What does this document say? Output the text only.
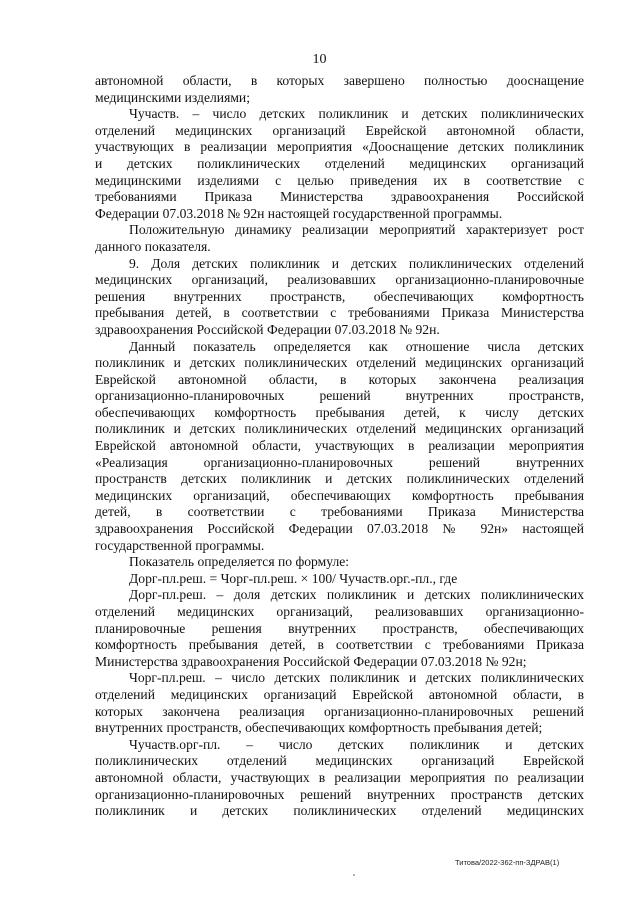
10
автономной области, в которых завершено полностью дооснащение
медицинскими изделиями;
Чучаств. – число детских поликлиник и детских поликлинических
отделений медицинских организаций Еврейской автономной области,
участвующих в реализации мероприятия «Дооснащение детских поликлиник
и детских поликлинических отделений медицинских организаций
медицинскими изделиями с целью приведения их в соответствие с
требованиями Приказа Министерства здравоохранения Российской
Федерации 07.03.2018 № 92н настоящей государственной программы.
Положительную динамику реализации мероприятий характеризует рост
данного показателя.
9. Доля детских поликлиник и детских поликлинических отделений
медицинских организаций, реализовавших организационно-планировочные
решения внутренних пространств, обеспечивающих комфортность
пребывания детей, в соответствии с требованиями Приказа Министерства
здравоохранения Российской Федерации 07.03.2018 № 92н.
Данный показатель определяется как отношение числа детских
поликлиник и детских поликлинических отделений медицинских организаций
Еврейской автономной области, в которых закончена реализация
организационно-планировочных решений внутренних пространств,
обеспечивающих комфортность пребывания детей, к числу детских
поликлиник и детских поликлинических отделений медицинских организаций
Еврейской автономной области, участвующих в реализации мероприятия
«Реализация организационно-планировочных решений внутренних
пространств детских поликлиник и детских поликлинических отделений
медицинских организаций, обеспечивающих комфортность пребывания
детей, в соответствии с требованиями Приказа Министерства
здравоохранения Российской Федерации 07.03.2018 № 92н» настоящей
государственной программы.
Показатель определяется по формуле:
Доpг-пл.реш. = Чоpг-пл.реш. × 100/ Чучаств.орг.-пл., где
Доpг-пл.реш. – доля детских поликлиник и детских поликлинических
отделений медицинских организаций, реализовавших организационно-
планировочные решения внутренних пространств, обеспечивающих
комфортность пребывания детей, в соответствии с требованиями Приказа
Министерства здравоохранения Российской Федерации 07.03.2018 № 92н;
Чоpг-пл.реш. – число детских поликлиник и детских поликлинических
отделений медицинских организаций Еврейской автономной области, в
которых закончена реализация организационно-планировочных решений
внутренних пространств, обеспечивающих комфортность пребывания детей;
Чучаств.орг-пл. – число детских поликлиник и детских
поликлинических отделений медицинских организаций Еврейской
автономной области, участвующих в реализации мероприятия по реализации
организационно-планировочных решений внутренних пространств детских
поликлиник и детских поликлинических отделений медицинских
Титова/2022-362-пп-ЗДРАВ(1)
